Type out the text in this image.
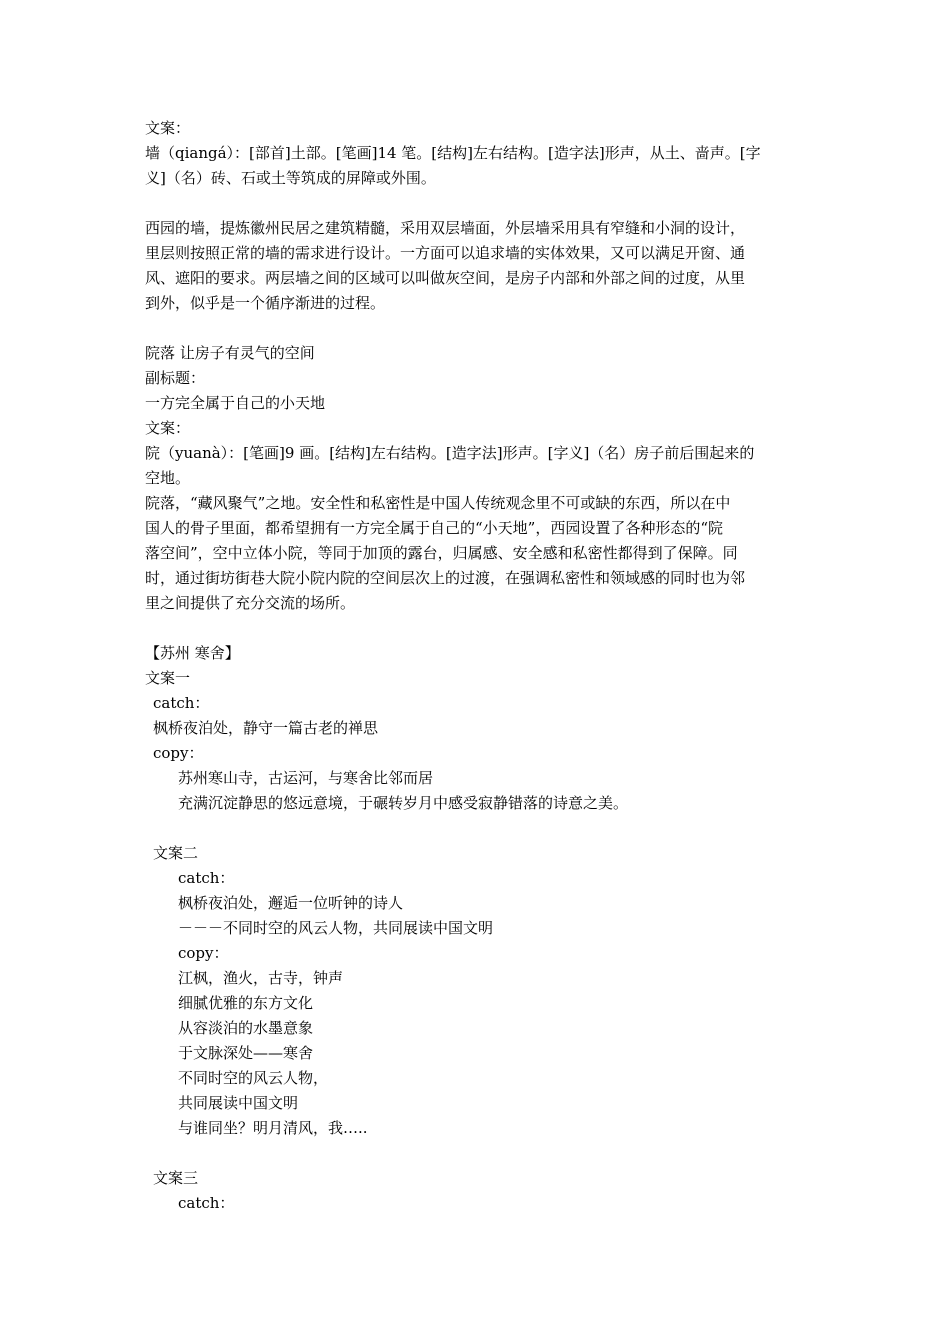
文案：
墙（qiangá）：[部首]土部。[笔画]14 笔。[结构]左右结构。[造字法]形声，从土、啬声。[字
义]（名）砖、石或土等筑成的屏障或外围。
西园的墙，提炼徽州民居之建筑精髓，采用双层墙面，外层墙采用具有窄缝和小洞的设计，
里层则按照正常的墙的需求进行设计。一方面可以追求墙的实体效果，又可以满足开窗、通
风、遮阳的要求。两层墙之间的区域可以叫做灰空间，是房子内部和外部之间的过度，从里
到外，似乎是一个循序渐进的过程。
院落 让房子有灵气的空间
副标题：
一方完全属于自己的小天地
文案：
院（yuanà）：[笔画]9 画。[结构]左右结构。[造字法]形声。[字义]（名）房子前后围起来的
空地。
院落，“藏风聚气”之地。安全性和私密性是中国人传统观念里不可或缺的东西，所以在中
国人的骨子里面，都希望拥有一方完全属于自己的“小天地”，西园设置了各种形态的“院
落空间”，空中立体小院，等同于加顶的露台，归属感、安全感和私密性都得到了保障。同
时，通过街坊街巷大院小院内院的空间层次上的过渡，在强调私密性和领域感的同时也为邻
里之间提供了充分交流的场所。
【苏州 寒舍】
文案一
catch：
枫桥夜泊处，静守一篇古老的禅思
copy：
苏州寒山寺，古运河，与寒舍比邻而居
充满沉淀静思的悠远意境，于碾转岁月中感受寂静错落的诗意之美。
文案二
catch：
枫桥夜泊处，邂逅一位听钟的诗人
－－－不同时空的风云人物，共同展读中国文明
copy：
江枫，渔火，古寺，钟声
细腻优雅的东方文化
从容淡泊的水墨意象
于文脉深处——寒舍
不同时空的风云人物，
共同展读中国文明
与谁同坐？明月清风，我…..
文案三
catch：
